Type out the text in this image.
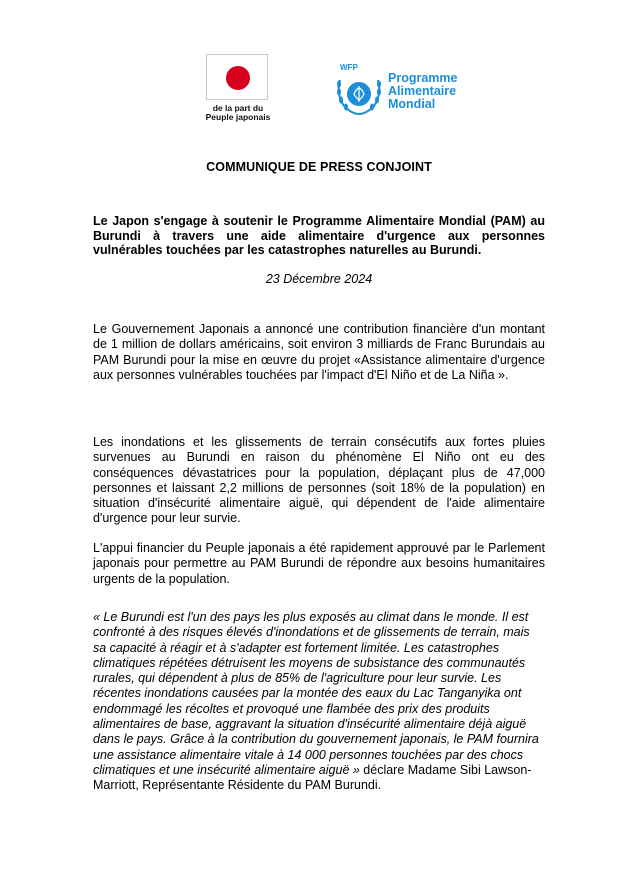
de la part du
Peuple japonais
WFP
Programme
Alimentaire
Mondial
COMMUNIQUE DE PRESS CONJOINT
Le Japon s'engage à soutenir le Programme Alimentaire Mondial (PAM) au Burundi à travers une aide alimentaire d'urgence aux personnes vulnérables touchées par les catastrophes naturelles au Burundi.
23 Décembre 2024
Le Gouvernement Japonais a annoncé une contribution financière d'un montant de 1 million de dollars américains, soit environ 3 milliards de Franc Burundais au PAM Burundi pour la mise en œuvre du projet «Assistance alimentaire d'urgence aux personnes vulnérables touchées par l'impact d'El Niño et de La Niña ».
Les inondations et les glissements de terrain consécutifs aux fortes pluies survenues au Burundi en raison du phénomène El Niño ont eu des conséquences dévastatrices pour la population, déplaçant plus de 47,000 personnes et laissant 2,2 millions de personnes (soit 18% de la population) en situation d'insécurité alimentaire aiguë, qui dépendent de l'aide alimentaire d'urgence pour leur survie.
L'appui financier du Peuple japonais a été rapidement approuvé par le Parlement japonais pour permettre au PAM Burundi de répondre aux besoins humanitaires urgents de la population.
« Le Burundi est l'un des pays les plus exposés au climat dans le monde. Il est confronté à des risques élevés d'inondations et de glissements de terrain, mais sa capacité à réagir et à s'adapter est fortement limitée. Les catastrophes climatiques répétées détruisent les moyens de subsistance des communautés rurales, qui dépendent à plus de 85% de l'agriculture pour leur survie. Les récentes inondations causées par la montée des eaux du Lac Tanganyika ont endommagé les récoltes et provoqué une flambée des prix des produits alimentaires de base, aggravant la situation d'insécurité alimentaire déjà aiguë dans le pays. Grâce à la contribution du gouvernement japonais, le PAM fournira une assistance alimentaire vitale à 14 000 personnes touchées par des chocs climatiques et une insécurité alimentaire aiguë » déclare Madame Sibi Lawson-Marriott, Représentante Résidente du PAM Burundi.
